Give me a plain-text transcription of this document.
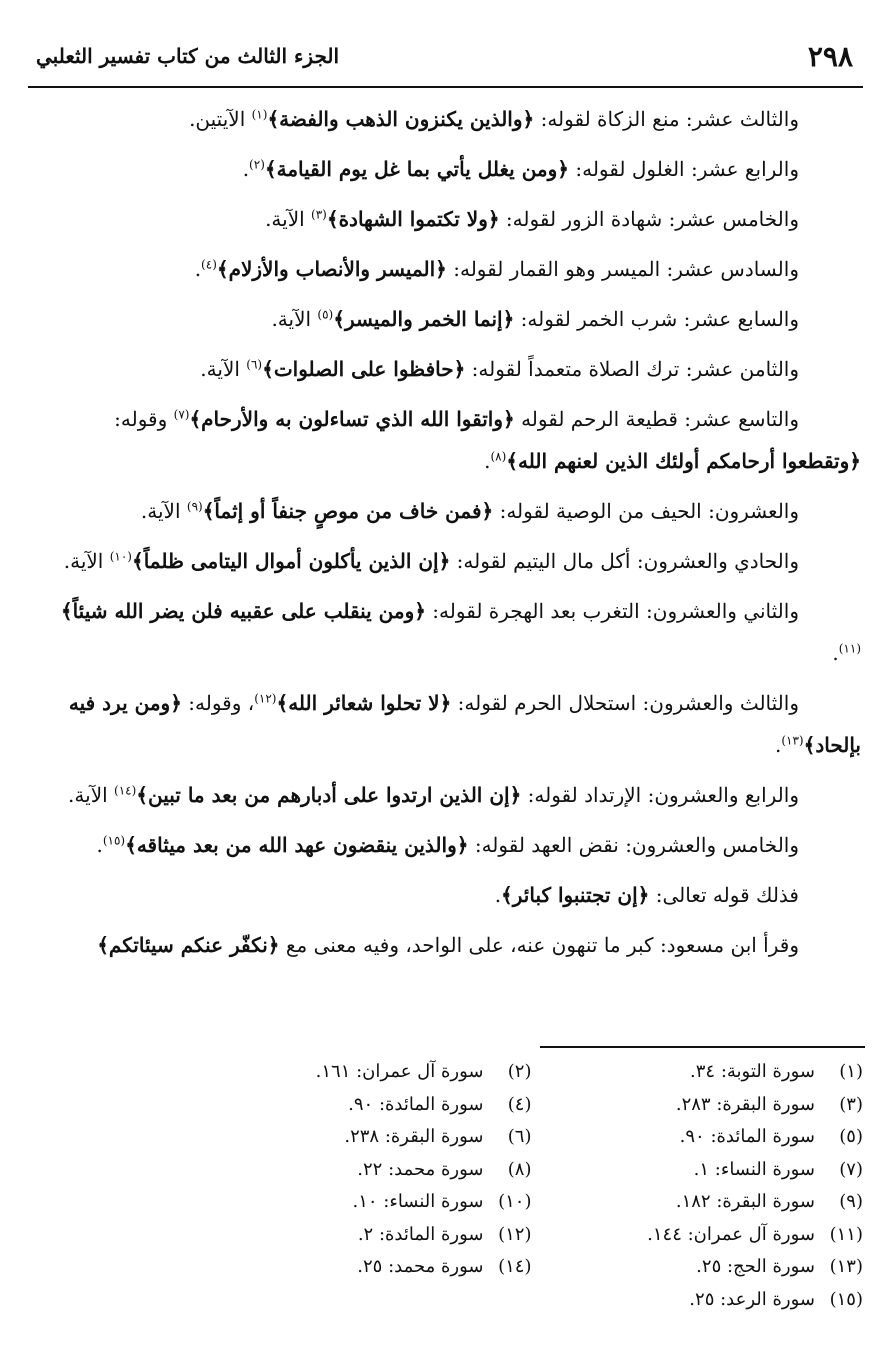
٢٩٨
الجزء الثالث من كتاب تفسير الثعلبي

والثالث عشر: منع الزكاة لقوله: ﴿والذين يكنزون الذهب والفضة﴾$^{(١)}$ الآيتين.

والرابع عشر: الغلول لقوله: ﴿ومن يغلل يأتي بما غل يوم القيامة﴾$^{(٢)}$.

والخامس عشر: شهادة الزور لقوله: ﴿ولا تكتموا الشهادة﴾$^{(٣)}$ الآية.

والسادس عشر: الميسر وهو القمار لقوله: ﴿الميسر والأنصاب والأزلام﴾$^{(٤)}$.

والسابع عشر: شرب الخمر لقوله: ﴿إنما الخمر والميسر﴾$^{(٥)}$ الآية.

والثامن عشر: ترك الصلاة متعمداً لقوله: ﴿حافظوا على الصلوات﴾$^{(٦)}$ الآية.

والتاسع عشر: قطيعة الرحم لقوله ﴿واتقوا الله الذي تساءلون به والأرحام﴾$^{(٧)}$ وقوله: ﴿وتقطعوا أرحامكم أولئك الذين لعنهم الله﴾$^{(٨)}$.

والعشرون: الحيف من الوصية لقوله: ﴿فمن خاف من موصٍ جنفاً أو إثماً﴾$^{(٩)}$ الآية.

والحادي والعشرون: أكل مال اليتيم لقوله: ﴿إن الذين يأكلون أموال اليتامى ظلماً﴾$^{(١٠)}$ الآية.

والثاني والعشرون: التغرب بعد الهجرة لقوله: ﴿ومن ينقلب على عقبيه فلن يضر الله شيئاً﴾$^{(١١)}$.

والثالث والعشرون: استحلال الحرم لقوله: ﴿لا تحلوا شعائر الله﴾$^{(١٢)}$، وقوله: ﴿ومن يرد فيه بإلحاد﴾$^{(١٣)}$.

والرابع والعشرون: الإرتداد لقوله: ﴿إن الذين ارتدوا على أدبارهم من بعد ما تبين﴾$^{(١٤)}$ الآية.

والخامس والعشرون: نقض العهد لقوله: ﴿والذين ينقضون عهد الله من بعد ميثاقه﴾$^{(١٥)}$.

فذلك قوله تعالى: ﴿إن تجتنبوا كبائر﴾.

وقرأ ابن مسعود: كبر ما تنهون عنه، على الواحد، وفيه معنى مع ﴿نكفّر عنكم سيئاتكم﴾

(١)سورة التوبة: ٣٤.
(٢)سورة آل عمران: ١٦١.
(٣)سورة البقرة: ٢٨٣.
(٤)سورة المائدة: ٩٠.
(٥)سورة المائدة: ٩٠.
(٦)سورة البقرة: ٢٣٨.
(٧)سورة النساء: ١.
(٨)سورة محمد: ٢٢.
(٩)سورة البقرة: ١٨٢.
(١٠)سورة النساء: ١٠.
(١١)سورة آل عمران: ١٤٤.
(١٢)سورة المائدة: ٢.
(١٣)سورة الحج: ٢٥.
(١٤)سورة محمد: ٢٥.
(١٥)سورة الرعد: ٢٥.
